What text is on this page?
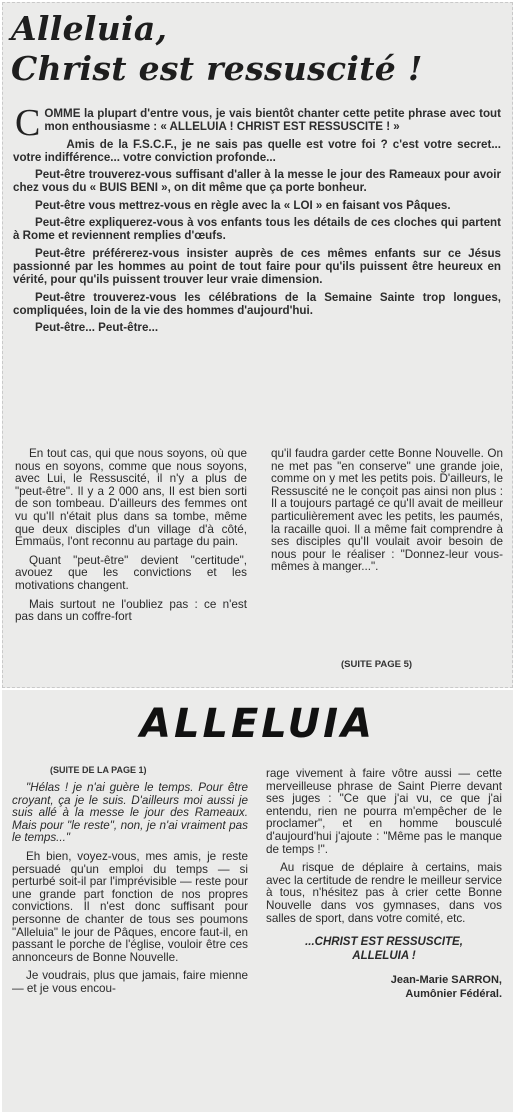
Alleluia,
Christ est ressuscité !

COMME la plupart d'entre vous, je vais bientôt chanter cette petite phrase avec tout mon enthousiasme : « ALLELUIA ! CHRIST EST RESSUSCITE ! »

Amis de la F.S.C.F., je ne sais pas quelle est votre foi ? c'est votre secret... votre indifférence... votre conviction profonde...

Peut-être trouverez-vous suffisant d'aller à la messe le jour des Rameaux pour avoir chez vous du « BUIS BENI », on dit même que ça porte bonheur.

Peut-être vous mettrez-vous en règle avec la « LOI » en faisant vos Pâques.

Peut-être expliquerez-vous à vos enfants tous les détails de ces cloches qui partent à Rome et reviennent remplies d'œufs.

Peut-être préférerez-vous insister auprès de ces mêmes enfants sur ce Jésus passionné par les hommes au point de tout faire pour qu'ils puissent être heureux en vérité, pour qu'ils puissent trouver leur vraie dimension.

Peut-être trouverez-vous les célébrations de la Semaine Sainte trop longues, compliquées, loin de la vie des hommes d'aujourd'hui.

Peut-être... Peut-être...

En tout cas, qui que nous soyons, où que nous en soyons, comme que nous soyons, avec Lui, le Ressuscité, il n'y a plus de "peut-être". Il y a 2 000 ans, Il est bien sorti de son tombeau. D'ailleurs des femmes ont vu qu'Il n'était plus dans sa tombe, même que deux disciples d'un village d'à côté, Emmaüs, l'ont reconnu au partage du pain.

Quant "peut-être" devient "certitude", avouez que les convictions et les motivations changent.

Mais surtout ne l'oubliez pas : ce n'est pas dans un coffre-fort

qu'il faudra garder cette Bonne Nouvelle. On ne met pas "en conserve" une grande joie, comme on y met les petits pois. D'ailleurs, le Ressuscité ne le conçoit pas ainsi non plus : Il a toujours partagé ce qu'Il avait de meilleur particulièrement avec les petits, les paumés, la racaille quoi. Il a même fait comprendre à ses disciples qu'Il voulait avoir besoin de nous pour le réaliser : "Donnez-leur vous-mêmes à manger...".

(SUITE PAGE 5)
ALLELUIA
(SUITE DE LA PAGE 1)

"Hélas ! je n'ai guère le temps. Pour être croyant, ça je le suis. D'ailleurs moi aussi je suis allé à la messe le jour des Rameaux. Mais pour "le reste", non, je n'ai vraiment pas le temps..."

Eh bien, voyez-vous, mes amis, je reste persuadé qu'un emploi du temps — si perturbé soit-il par l'imprévisible — reste pour une grande part fonction de nos propres convictions. Il n'est donc suffisant pour personne de chanter de tous ses poumons "Alleluia" le jour de Pâques, encore faut-il, en passant le porche de l'église, vouloir être ces annonceurs de Bonne Nouvelle.

Je voudrais, plus que jamais, faire mienne — et je vous encou-

rage vivement à faire vôtre aussi — cette merveilleuse phrase de Saint Pierre devant ses juges : "Ce que j'ai vu, ce que j'ai entendu, rien ne pourra m'empêcher de le proclamer", et en homme bousculé d'aujourd'hui j'ajoute : "Même pas le manque de temps !".

Au risque de déplaire à certains, mais avec la certitude de rendre le meilleur service à tous, n'hésitez pas à crier cette Bonne Nouvelle dans vos gymnases, dans vos salles de sport, dans votre comité, etc.

...CHRIST EST RESSUSCITE,
ALLELUIA !
Jean-Marie SARRON,
Aumônier Fédéral.
